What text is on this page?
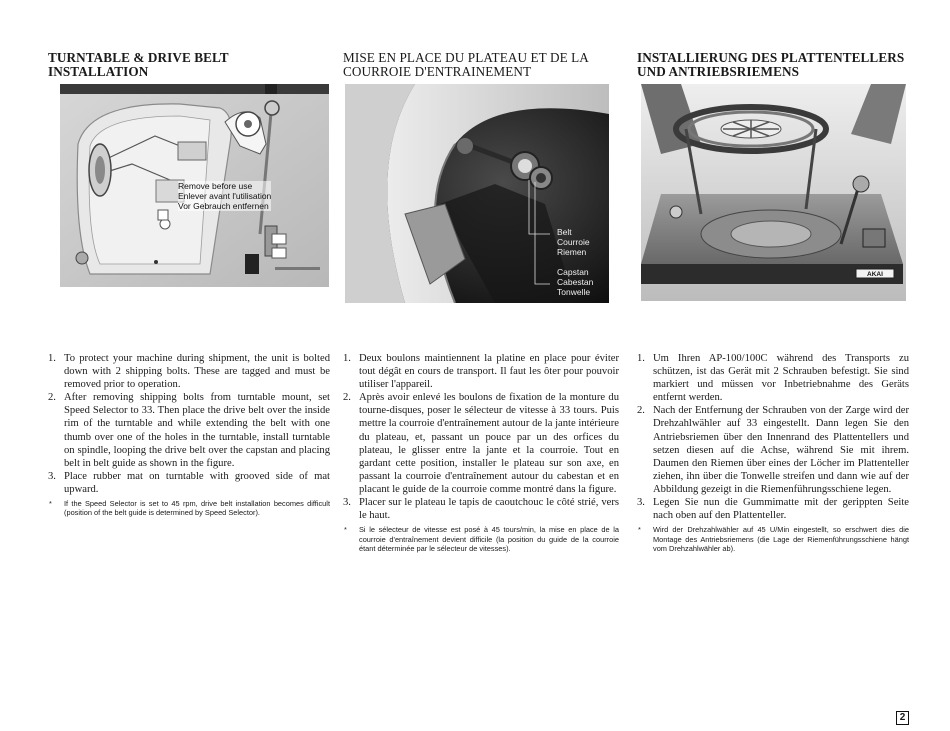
TURNTABLE & DRIVE BELT INSTALLATION
Remove before use
Enlever avant l'utilisation
Vor Gebrauch entfernen
1. To protect your machine during shipment, the unit is bolted down with 2 shipping bolts. These are tagged and must be removed prior to operation.
2. After removing shipping bolts from turntable mount, set Speed Selector to 33. Then place the drive belt over the inside rim of the turntable and while extending the belt with one thumb over one of the holes in the turntable, install turntable on spindle, looping the drive belt over the capstan and placing belt in belt guide as shown in the figure.
3. Place rubber mat on turntable with grooved side of mat upward.
* If the Speed Selector is set to 45 rpm, drive belt installation becomes difficult (position of the belt guide is determined by Speed Selector).
MISE EN PLACE DU PLATEAU ET DE LA COURROIE D'ENTRAINEMENT
Belt
Courroie
Riemen
Capstan
Cabestan
Tonwelle
1. Deux boulons maintiennent la platine en place pour éviter tout dégât en cours de transport. Il faut les ôter pour pouvoir utiliser l'appareil.
2. Après avoir enlevé les boulons de fixation de la monture du tourne-disques, poser le sélecteur de vitesse à 33 tours. Puis mettre la courroie d'entraînement autour de la jante intérieure du plateau, et, passant un pouce par un des orfices du plateau, le glisser entre la jante et la courroie. Tout en gardant cette position, installer le plateau sur son axe, en passant la courroie d'entraînement autour du cabestan et en placant le guide de la courroie comme montré dans la figure.
3. Placer sur le plateau le tapis de caoutchouc le côté strié, vers le haut.
* Si le sélecteur de vitesse est posé à 45 tours/min, la mise en place de la courroie d'entraînement devient difficile (la position du guide de la courroie étant déterminée par le sélecteur de vitesses).
INSTALLIERUNG DES PLATTENTELLERS UND ANTRIEBSRIEMENS
AKAI
1. Um Ihren AP-100/100C während des Transports zu schützen, ist das Gerät mit 2 Schrauben befestigt. Sie sind markiert und müssen vor Inbetriebnahme des Geräts entfernt werden.
2. Nach der Entfernung der Schrauben von der Zarge wird der Drehzahlwähler auf 33 eingestellt. Dann legen Sie den Antriebsriemen über den Innenrand des Plattentellers und setzen diesen auf die Achse, während Sie mit ihrem. Daumen den Riemen über eines der Löcher im Plattenteller ziehen, ihn über die Tonwelle streifen und dann wie auf der Abbildung gezeigt in die Riemenführungsschiene legen.
3. Legen Sie nun die Gummimatte mit der gerippten Seite nach oben auf den Plattenteller.
* Wird der Drehzahlwähler auf 45 U/Min eingestellt, so erschwert dies die Montage des Antriebsriemens (die Lage der Riemenführungsschiene hängt vom Drehzahlwähler ab).
2
